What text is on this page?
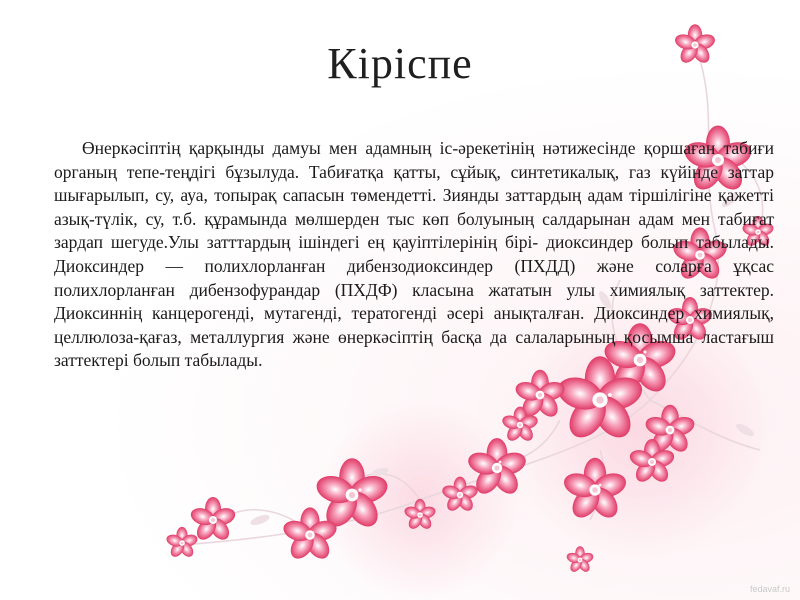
Кіріспе

Өнеркәсіптің қарқынды дамуы мен адамның іс-әрекетінің нәтижесінде қоршаған табиғи органың тепе-теңдігі бұзылуда. Табиғатқа қатты, сұйық, синтетикалық, газ күйінде заттар шығарылып, су, ауа, топырақ сапасын төмендетті. Зиянды заттардың адам тіршілігіне қажетті азық-түлік, су, т.б. құрамында мөлшерден тыс көп болуының салдарынан адам мен табиғат зардап шегуде.Улы затттардың ішіндегі ең қауіптілерінің бірі- диоксиндер болып табылады. Диоксиндер — полихлорланған дибензодиоксиндер (ПХДД) және соларға ұқсас полихлорланған дибензофурандар (ПХДФ) класына жататын улы химиялық заттектер. Диоксиннің канцерогенді, мутагенді, тератогенді әсері анықталған. Диоксиндер химиялық, целлюлоза-қағаз, металлургия және өнеркәсіптің басқа да салаларының қосымша ластағыш заттектері болып табылады.

fedavaf.ru
